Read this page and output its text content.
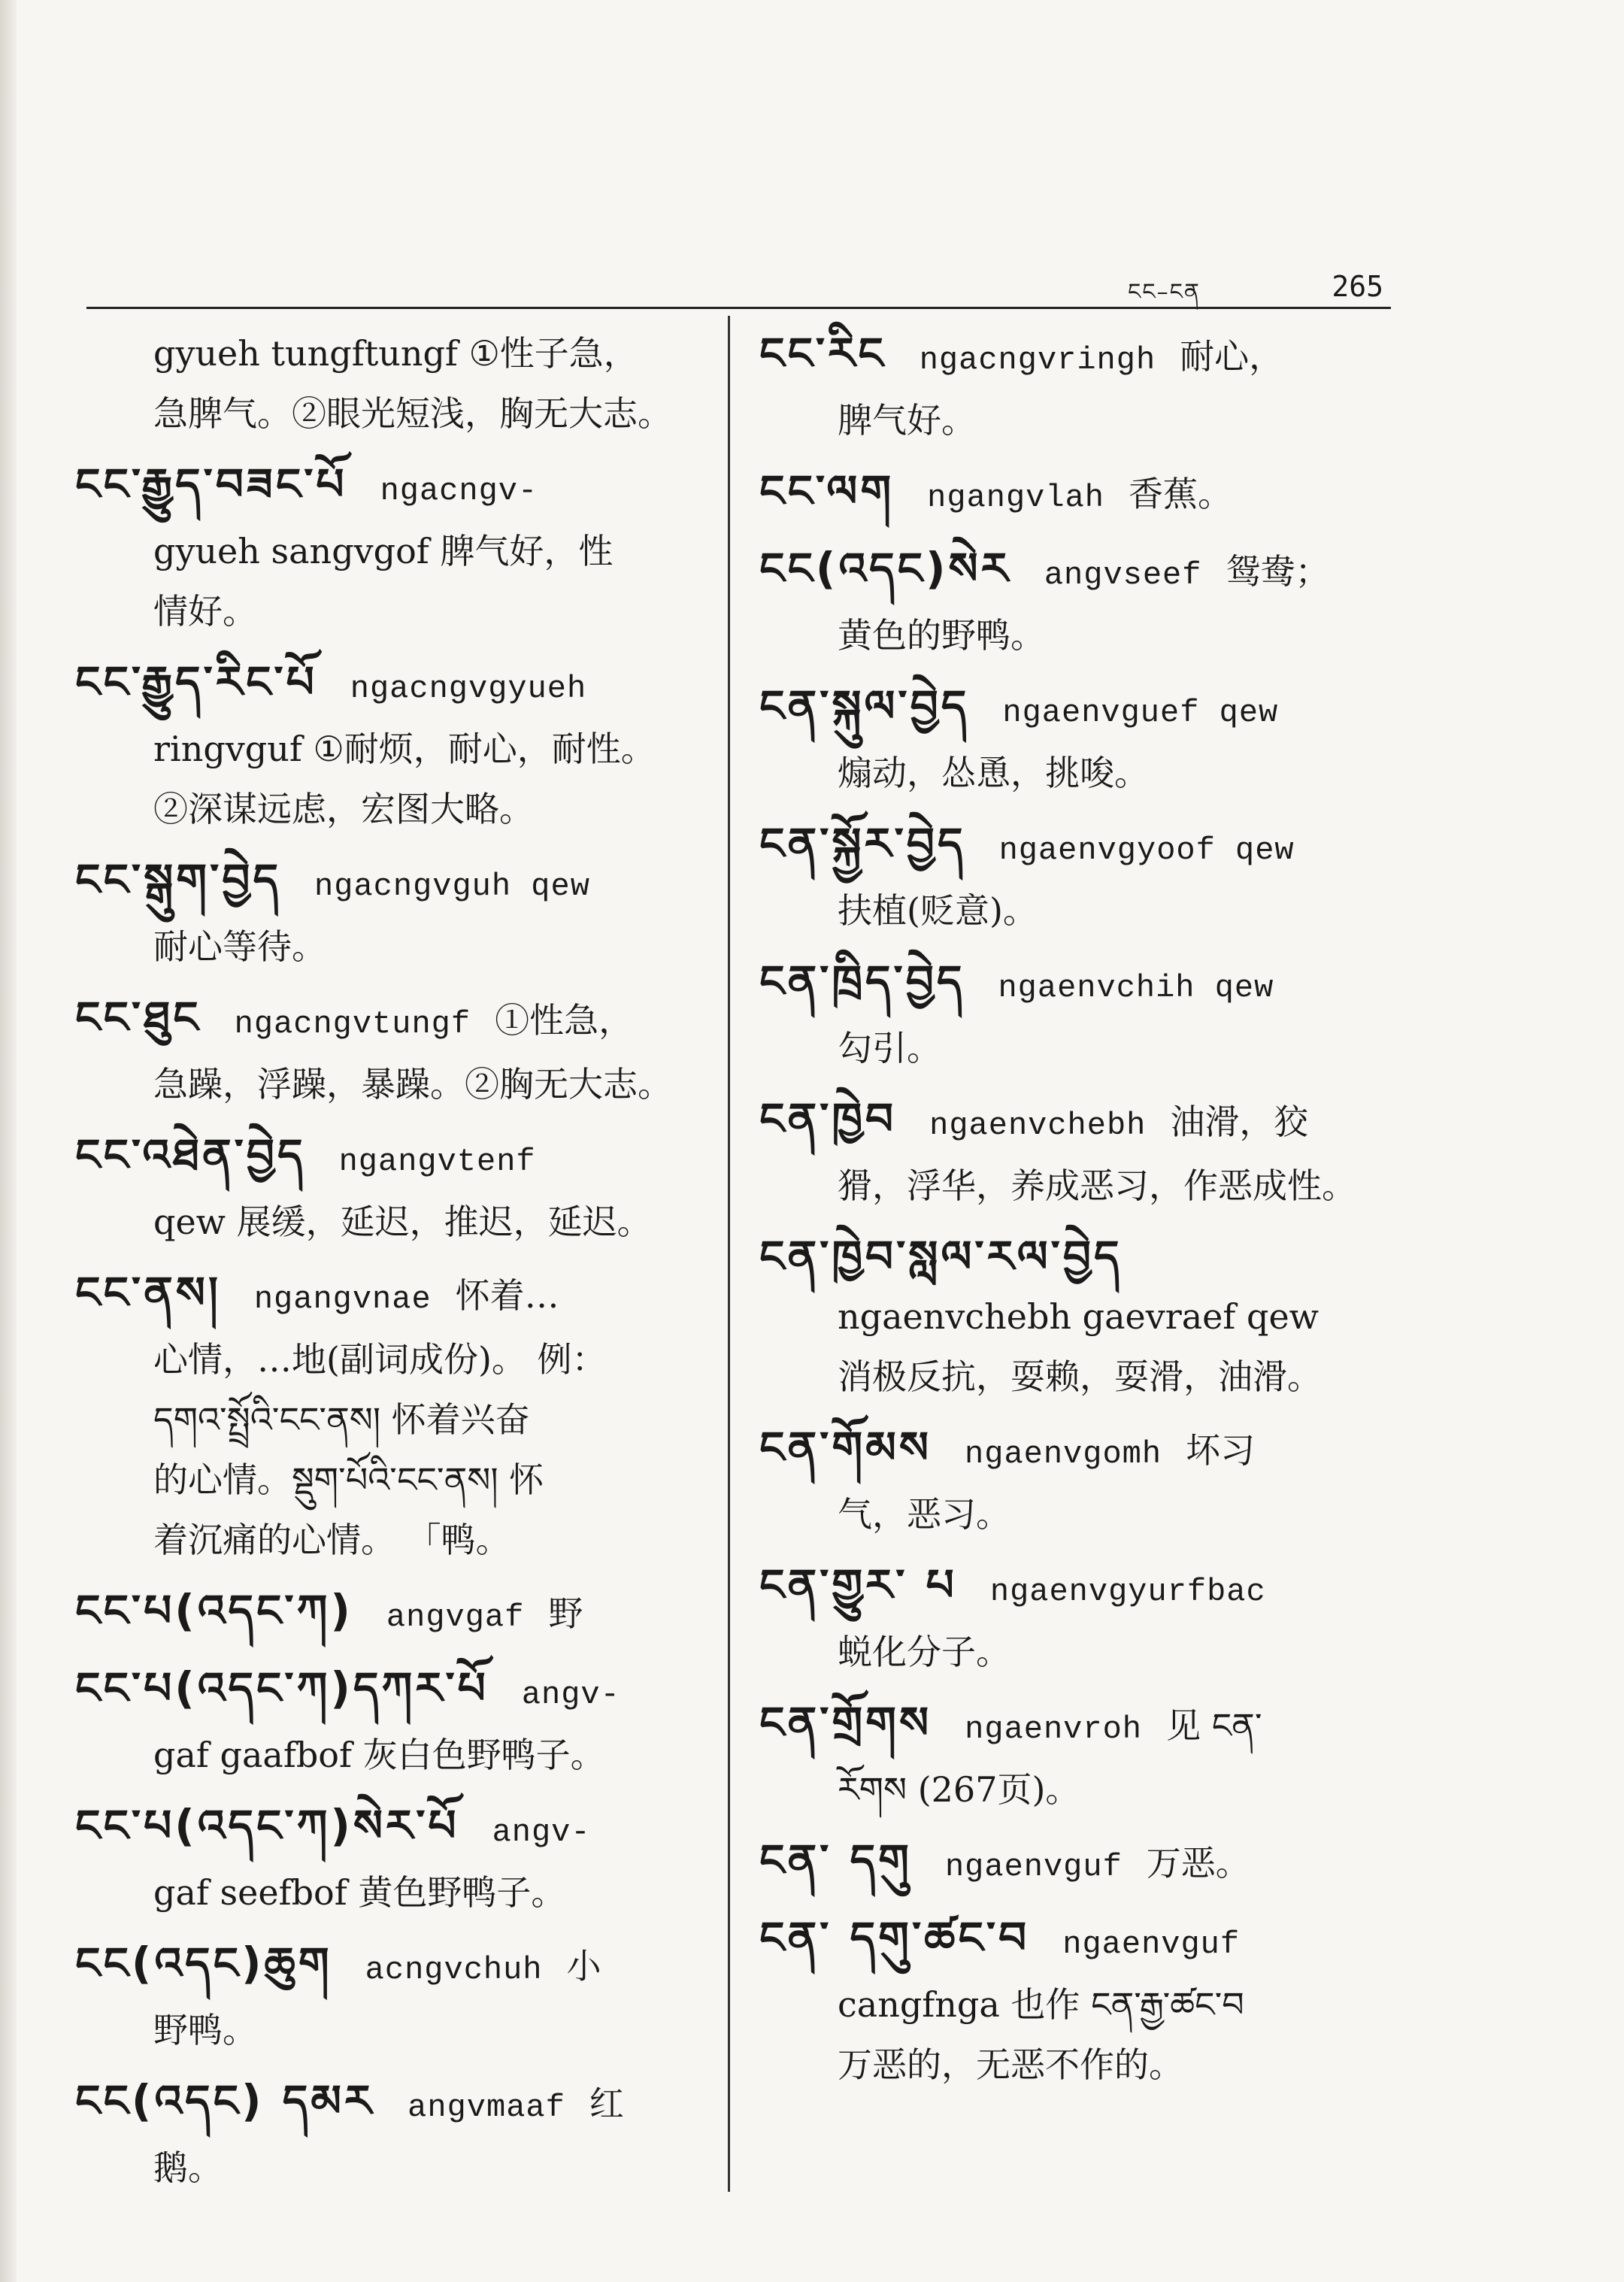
ངང–ངན	265
gyueh tungftungf ①性子急，
急脾气。②眼光短浅，胸无大志。
ངང་རྒྱུད་བཟང་པོ ngacngv-
gyueh sangvgof 脾气好，性
情好。
ངང་རྒྱུད་རིང་པོ ngacngvgyueh
ringvguf ①耐烦，耐心，耐性。
②深谋远虑，宏图大略。
ངང་སྒུག་བྱེད ngacngvguh qew
耐心等待。
ངང་ཐུང ngacngvtungf ①性急，
急躁，浮躁，暴躁。②胸无大志。
ངང་འཐེན་བྱེད ngangvtenf
qew 展缓，延迟，推迟，延迟。
ངང་ནས། ngangvnae 怀着…
心情，…地(副词成份)。 例：
དགའ་སྤྲོའི་ངང་ནས། 怀着兴奋
的心情。སྡུག་པོའི་ངང་ནས། 怀
着沉痛的心情。 「鸭。
ངང་པ(འདང་ཀ) angvgaf 野
ངང་པ(འདང་ཀ)དཀར་པོ angv-
gaf gaafbof 灰白色野鸭子。
ངང་པ(འདང་ཀ)སེར་པོ angv-
gaf seefbof 黄色野鸭子。
ངང(འདང)ཆུག acngvchuh 小
野鸭。
ངང(འདང) དམར angvmaaf 红
鹅。
ངང་རིང ngacngvringh 耐心，
脾气好。
ངང་ལག ngangvlah 香蕉。
ངང(འདང)སེར angvseef 鸳鸯；
黄色的野鸭。
ངན་སྐུལ་བྱེད ngaenvguef qew
煽动，怂恿，挑唆。
ངན་སྐྱོར་བྱེད ngaenvgyoof qew
扶植(贬意)。
ངན་ཁྲིད་བྱེད ngaenvchih qew
勾引。
ངན་ཁྱེབ ngaenvchebh 油滑，狡
猾，浮华，养成恶习，作恶成性。
ངན་ཁྱེབ་སླལ་རལ་བྱེད
ngaenvchebh gaevraef qew
消极反抗，耍赖，耍滑，油滑。
ངན་གོམས ngaenvgomh 坏习
气，恶习。
ངན་གྱུར་ པ ngaenvgyurfbac
蜕化分子。
ངན་གྲོགས ngaenvroh 见 ངན་
རོགས (267页)。
ངན་ དགུ ngaenvguf 万恶。
ངན་ དགུ་ཚང་བ ngaenvguf
cangfnga 也作 ངན་རྒྱ་ཚང་བ
万恶的，无恶不作的。
